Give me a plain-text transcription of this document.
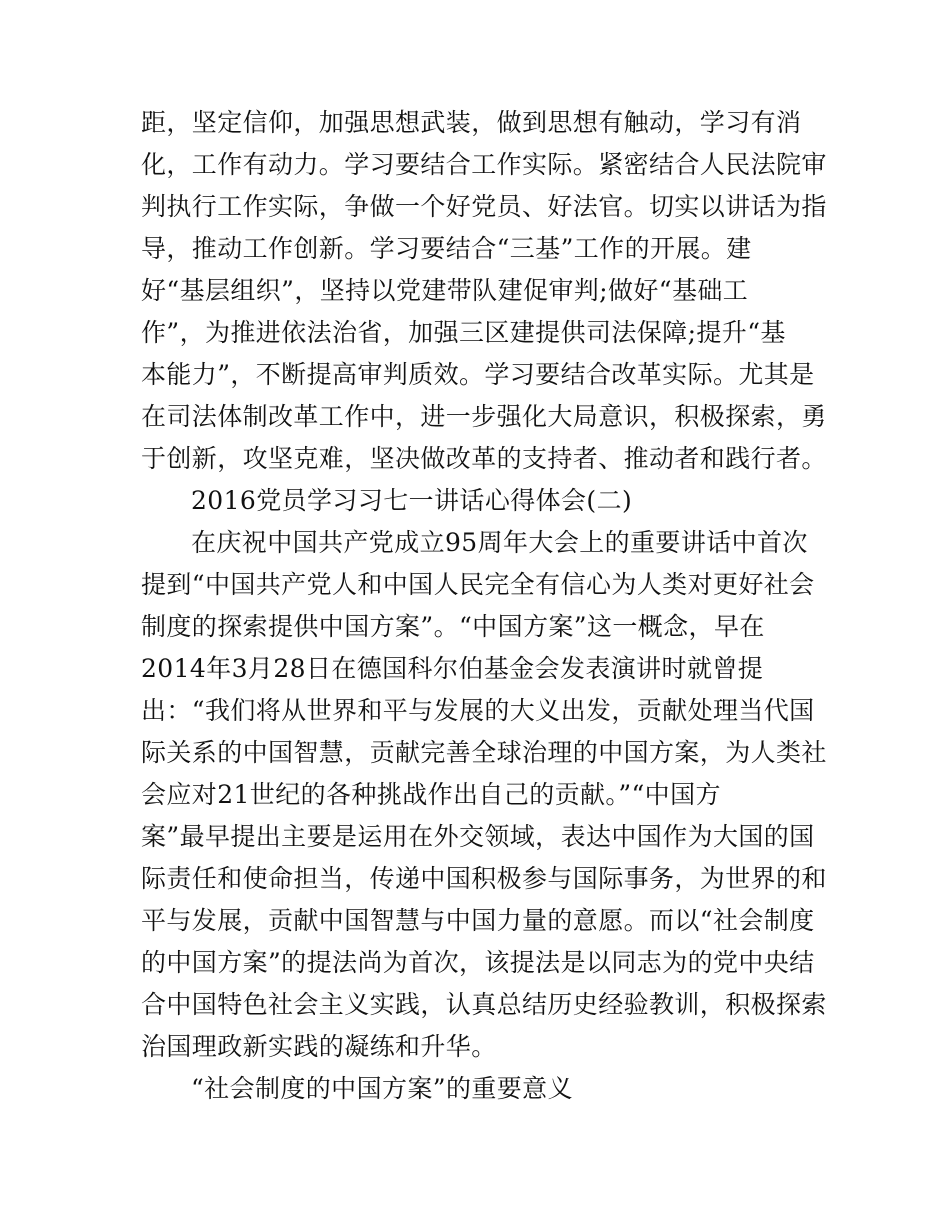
距，坚定信仰，加强思想武装，做到思想有触动，学习有消
化，工作有动力。学习要结合工作实际。紧密结合人民法院审
判执行工作实际，争做一个好党员、好法官。切实以讲话为指
导，推动工作创新。学习要结合“三基”工作的开展。建
好“基层组织”，坚持以党建带队建促审判;做好“基础工
作”，为推进依法治省，加强三区建提供司法保障;提升“基
本能力”，不断提高审判质效。学习要结合改革实际。尤其是
在司法体制改革工作中，进一步强化大局意识，积极探索，勇
于创新，攻坚克难，坚决做改革的支持者、推动者和践行者。
2016党员学习习七一讲话心得体会(二)
在庆祝中国共产党成立95周年大会上的重要讲话中首次
提到“中国共产党人和中国人民完全有信心为人类对更好社会
制度的探索提供中国方案”。“中国方案”这一概念，早在
2014年3月28日在德国科尔伯基金会发表演讲时就曾提
出：“我们将从世界和平与发展的大义出发，贡献处理当代国
际关系的中国智慧，贡献完善全球治理的中国方案，为人类社
会应对21世纪的各种挑战作出自己的贡献。”“中国方
案”最早提出主要是运用在外交领域，表达中国作为大国的国
际责任和使命担当，传递中国积极参与国际事务，为世界的和
平与发展，贡献中国智慧与中国力量的意愿。而以“社会制度
的中国方案”的提法尚为首次，该提法是以同志为的党中央结
合中国特色社会主义实践，认真总结历史经验教训，积极探索
治国理政新实践的凝练和升华。
“社会制度的中国方案”的重要意义
